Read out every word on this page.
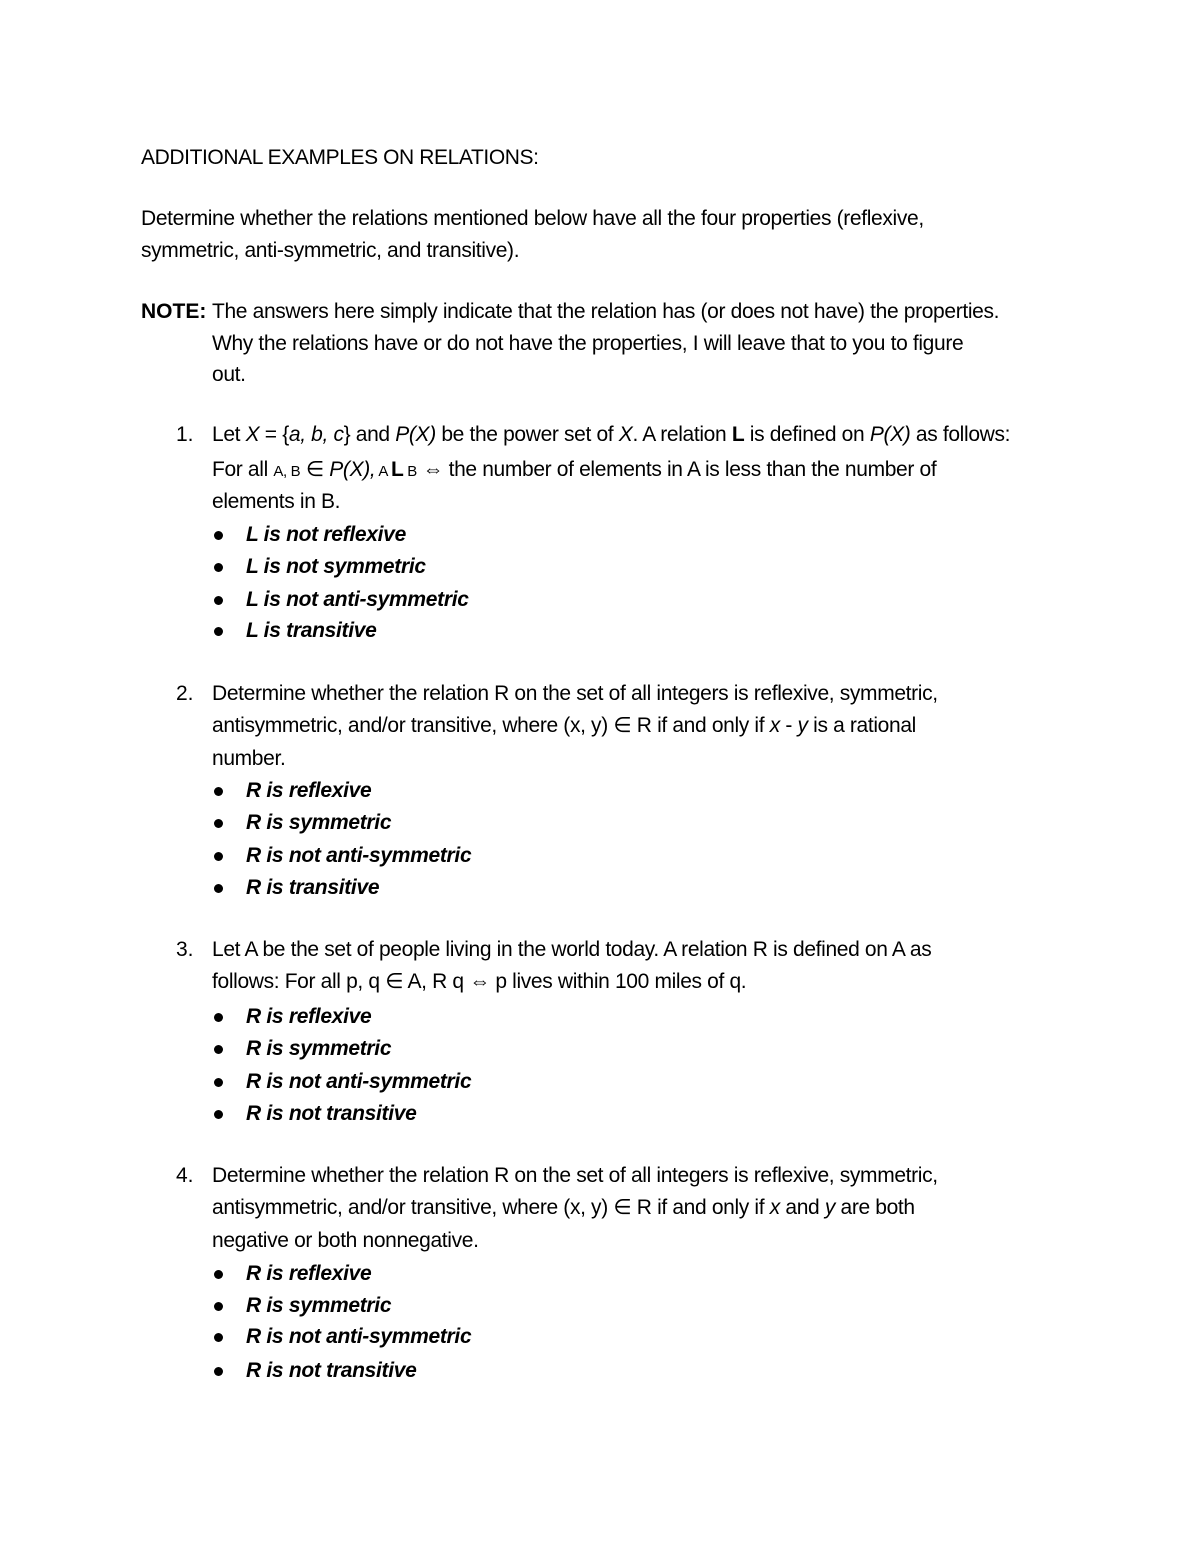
ADDITIONAL EXAMPLES ON RELATIONS:
Determine whether the relations mentioned below have all the four properties (reflexive,
symmetric, anti-symmetric, and transitive).
NOTE: The answers here simply indicate that the relation has (or does not have) the properties.
Why the relations have or do not have the properties, I will leave that to you to figure
out.
1. Let X = {a, b, c} and P(X) be the power set of X. A relation L is defined on P(X) as follows:
For all A, B ∈ P(X), A L B ⇔ the number of elements in A is less than the number of
elements in B.
L is not reflexive
L is not symmetric
L is not anti-symmetric
L is transitive
2. Determine whether the relation R on the set of all integers is reflexive, symmetric,
antisymmetric, and/or transitive, where (x, y) ∈ R if and only if x - y is a rational
number.
R is reflexive
R is symmetric
R is not anti-symmetric
R is transitive
3. Let A be the set of people living in the world today. A relation R is defined on A as
follows: For all p, q ∈ A, R q ⇔ p lives within 100 miles of q.
R is reflexive
R is symmetric
R is not anti-symmetric
R is not transitive
4. Determine whether the relation R on the set of all integers is reflexive, symmetric,
antisymmetric, and/or transitive, where (x, y) ∈ R if and only if x and y are both
negative or both nonnegative.
R is reflexive
R is symmetric
R is not anti-symmetric
R is not transitive
